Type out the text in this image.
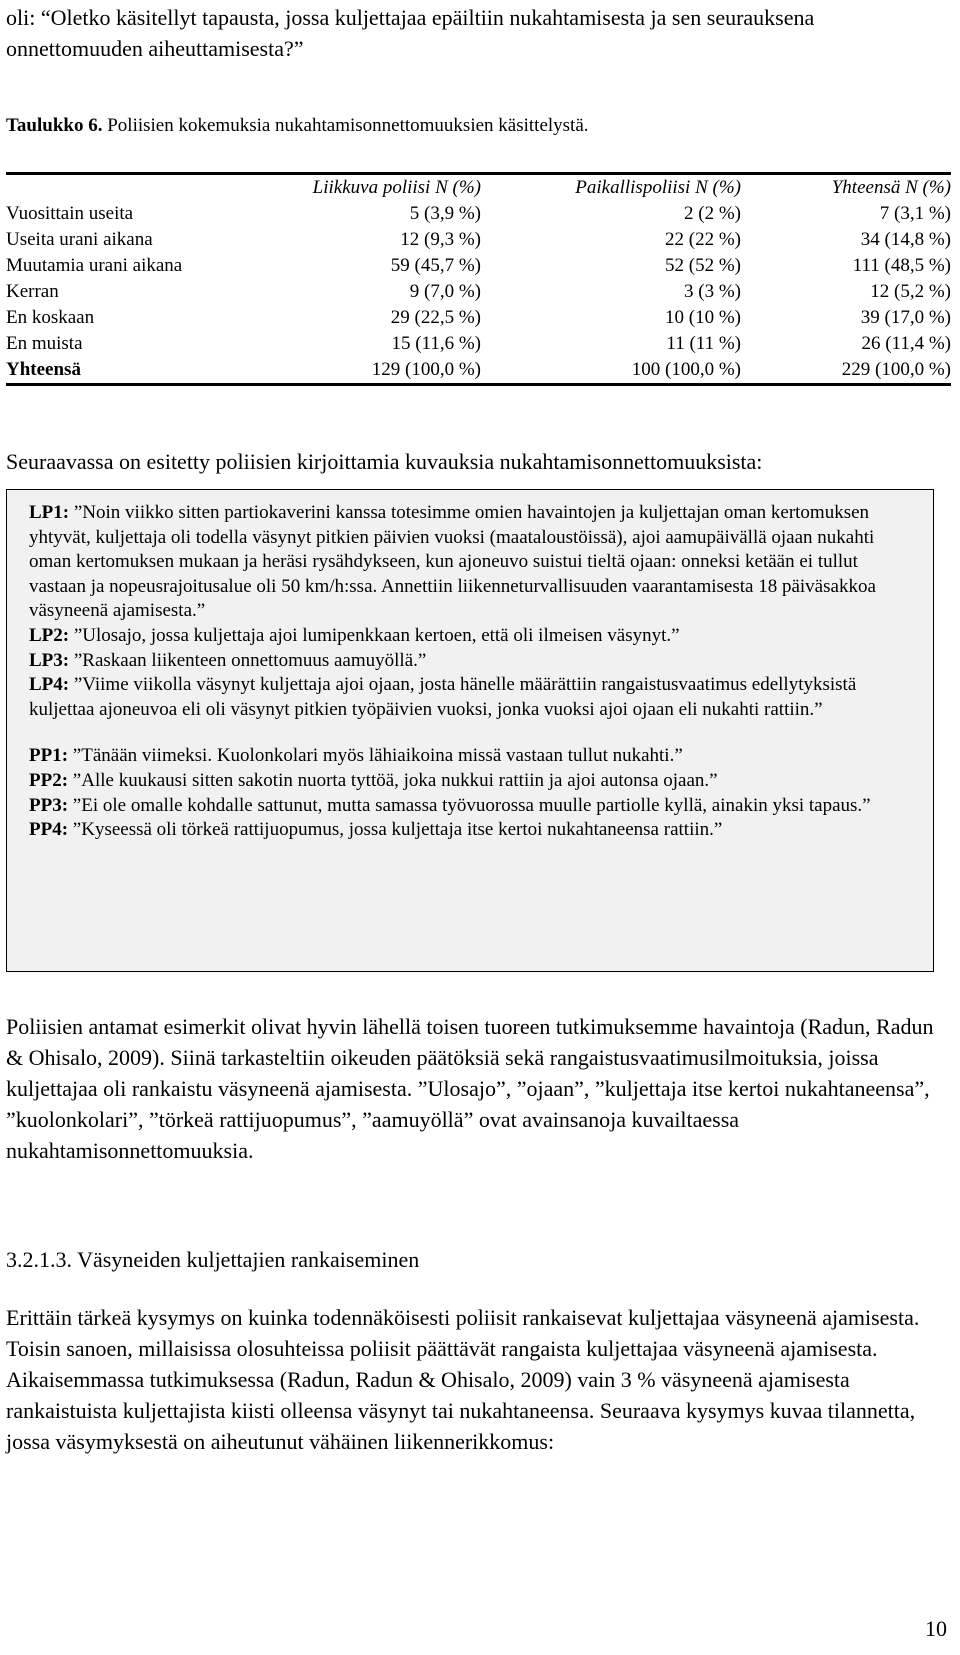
oli: “Oletko käsitellyt tapausta, jossa kuljettajaa epäiltiin nukahtamisesta ja sen seurauksena onnettomuuden aiheuttamisesta?”
Taulukko 6. Poliisien kokemuksia nukahtamisonnettomuuksien käsittelystä.
	Liikkuva poliisi N (%)	Paikallispoliisi N (%)	Yhteensä N (%)
Vuosittain useita	5 (3,9 %)	2 (2 %)	7 (3,1 %)
Useita urani aikana	12 (9,3 %)	22 (22 %)	34 (14,8 %)
Muutamia urani aikana	59 (45,7 %)	52 (52 %)	111 (48,5 %)
Kerran	9 (7,0 %)	3 (3 %)	12 (5,2 %)
En koskaan	29 (22,5 %)	10 (10 %)	39 (17,0 %)
En muista	15 (11,6 %)	11 (11 %)	26 (11,4 %)
Yhteensä	129 (100,0 %)	100 (100,0 %)	229 (100,0 %)
Seuraavassa on esitetty poliisien kirjoittamia kuvauksia nukahtamisonnettomuuksista:

LP1: ”Noin viikko sitten partiokaverini kanssa totesimme omien havaintojen ja kuljettajan oman kertomuksen yhtyvät, kuljettaja oli todella väsynyt pitkien päivien vuoksi (maataloustöissä), ajoi aamupäivällä ojaan nukahti oman kertomuksen mukaan ja heräsi rysähdykseen, kun ajoneuvo suistui tieltä ojaan: onneksi ketään ei tullut vastaan ja nopeusrajoitusalue oli 50 km/h:ssa. Annettiin liikenneturvallisuuden vaarantamisesta 18 päiväsakkoa väsyneenä ajamisesta.”

LP2: ”Ulosajo, jossa kuljettaja ajoi lumipenkkaan kertoen, että oli ilmeisen väsynyt.”

LP3: ”Raskaan liikenteen onnettomuus aamuyöllä.”

LP4: ”Viime viikolla väsynyt kuljettaja ajoi ojaan, josta hänelle määrättiin rangaistusvaatimus edellytyksistä kuljettaa ajoneuvoa eli oli väsynyt pitkien työpäivien vuoksi, jonka vuoksi ajoi ojaan eli nukahti rattiin.”

PP1: ”Tänään viimeksi. Kuolonkolari myös lähiaikoina missä vastaan tullut nukahti.”

PP2: ”Alle kuukausi sitten sakotin nuorta tyttöä, joka nukkui rattiin ja ajoi autonsa ojaan.”

PP3: ”Ei ole omalle kohdalle sattunut, mutta samassa työvuorossa muulle partiolle kyllä, ainakin yksi tapaus.”

PP4: ”Kyseessä oli törkeä rattijuopumus, jossa kuljettaja itse kertoi nukahtaneensa rattiin.”

Poliisien antamat esimerkit olivat hyvin lähellä toisen tuoreen tutkimuksemme havaintoja (Radun, Radun & Ohisalo, 2009). Siinä tarkasteltiin oikeuden päätöksiä sekä rangaistusvaatimusilmoituksia, joissa kuljettajaa oli rankaistu väsyneenä ajamisesta. ”Ulosajo”, ”ojaan”, ”kuljettaja itse kertoi nukahtaneensa”, ”kuolonkolari”, ”törkeä rattijuopumus”, ”aamuyöllä” ovat avainsanoja kuvailtaessa nukahtamisonnettomuuksia.
3.2.1.3. Väsyneiden kuljettajien rankaiseminen
Erittäin tärkeä kysymys on kuinka todennäköisesti poliisit rankaisevat kuljettajaa väsyneenä ajamisesta. Toisin sanoen, millaisissa olosuhteissa poliisit päättävät rangaista kuljettajaa väsyneenä ajamisesta. Aikaisemmassa tutkimuksessa (Radun, Radun & Ohisalo, 2009) vain 3 % väsyneenä ajamisesta rankaistuista kuljettajista kiisti olleensa väsynyt tai nukahtaneensa. Seuraava kysymys kuvaa tilannetta, jossa väsymyksestä on aiheutunut vähäinen liikennerikkomus:
10
